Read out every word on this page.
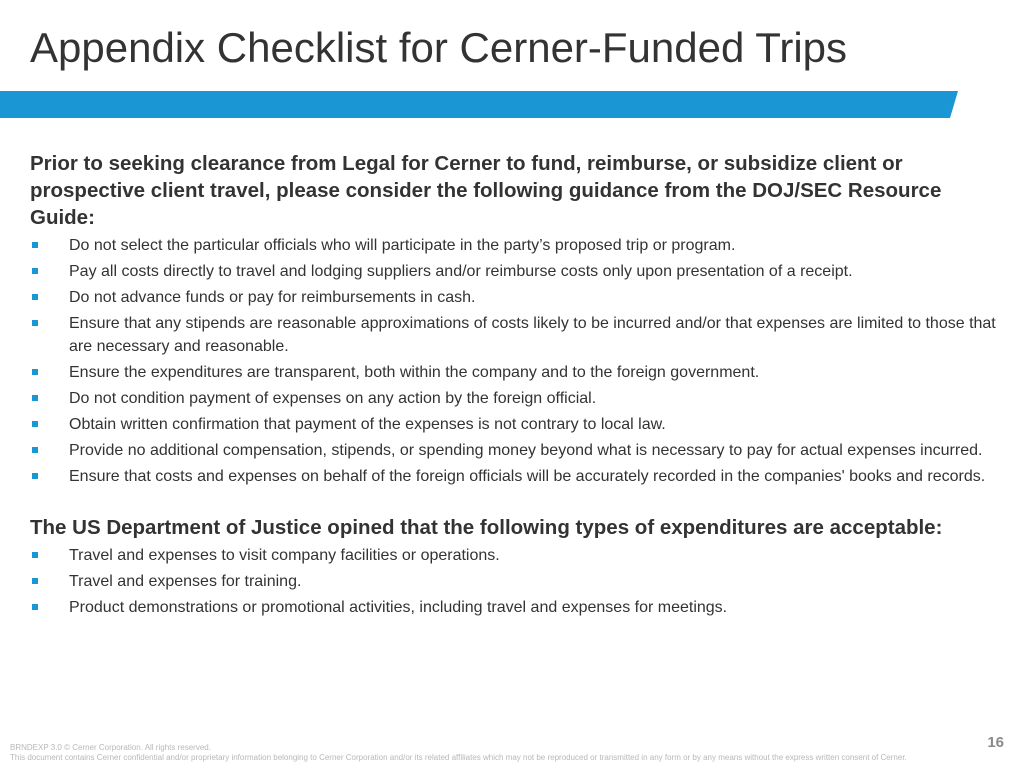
Appendix Checklist for Cerner-Funded Trips

Prior to seeking clearance from Legal for Cerner to fund, reimburse, or subsidize client or prospective client travel, please consider the following guidance from the DOJ/SEC Resource Guide:

Do not select the particular officials who will participate in the party’s proposed trip or program.
Pay all costs directly to travel and lodging suppliers and/or reimburse costs only upon presentation of a receipt.
Do not advance funds or pay for reimbursements in cash.
Ensure that any stipends are reasonable approximations of costs likely to be incurred and/or that expenses are limited to those that are necessary and reasonable.
Ensure the expenditures are transparent, both within the company and to the foreign government.
Do not condition payment of expenses on any action by the foreign official.
Obtain written confirmation that payment of the expenses is not contrary to local law.
Provide no additional compensation, stipends, or spending money beyond what is necessary to pay for actual expenses incurred.
Ensure that costs and expenses on behalf of the foreign officials will be accurately recorded in the companies' books and records.

The US Department of Justice opined that the following types of expenditures are acceptable:

Travel and expenses to visit company facilities or operations.
Travel and expenses for training.
Product demonstrations or promotional activities, including travel and expenses for meetings.
BRNDEXP 3.0 © Cerner Corporation. All rights reserved.
This document contains Cerner confidential and/or proprietary information belonging to Cerner Corporation and/or its related affiliates which may not be reproduced or transmitted in any form or by any means without the express written consent of Cerner.
16
